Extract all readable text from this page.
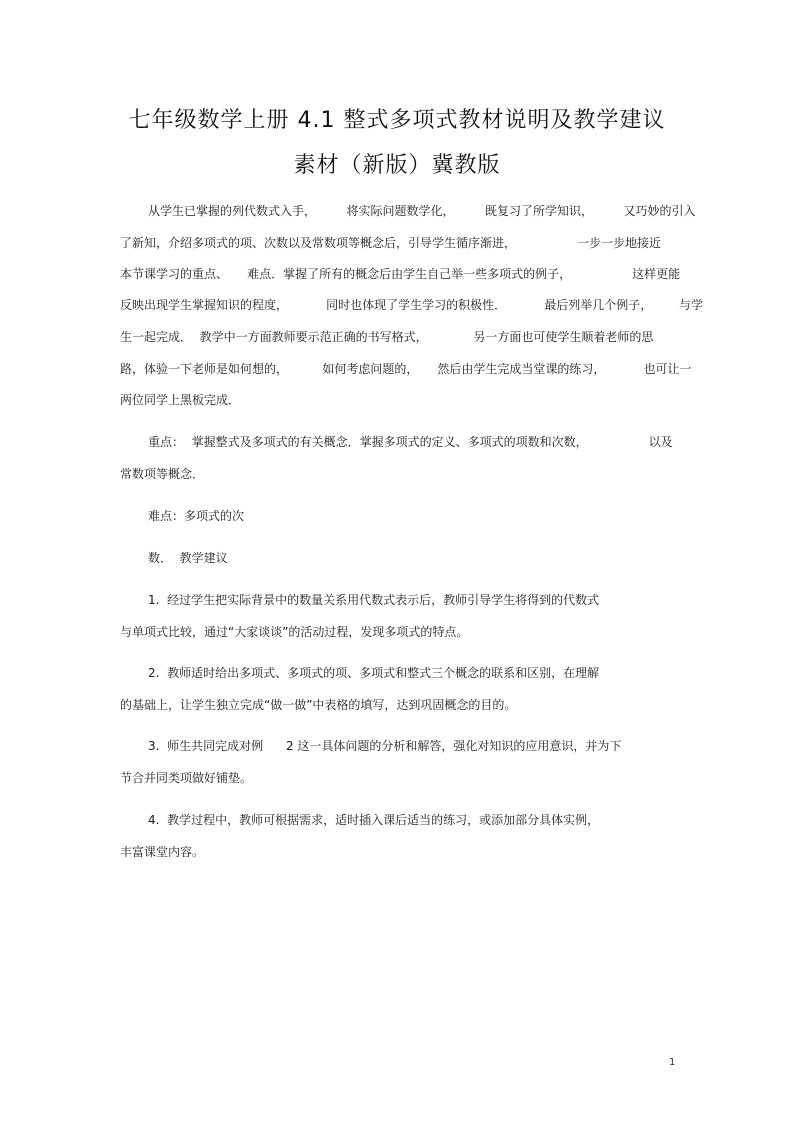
七年级数学上册 4.1 整式多项式教材说明及教学建议
素材（新版）冀教版
从学生已掌握的列代数式入手，        将实际问题数学化，        既复习了所学知识，        又巧妙的引入
了新知，介绍多项式的项、次数以及常数项等概念后，引导学生循序渐进，                一步一步地接近
本节课学习的重点、     难点．掌握了所有的概念后由学生自己举一些多项式的例子，                这样更能
反映出现学生掌握知识的程度，          同时也体现了学生学习的积极性．          最后列举几个例子，       与学
生一起完成．  教学中一方面教师要示范正确的书写格式，            另一方面也可使学生顺着老师的思
路，体验一下老师是如何想的，         如何考虑问题的，     然后由学生完成当堂课的练习，          也可让一
两位同学上黑板完成．
重点：  掌握整式及多项式的有关概念．掌握多项式的定义、多项式的项数和次数，                以及
常数项等概念．
难点：多项式的次
数．  教学建议
1.  经过学生把实际背景中的数量关系用代数式表示后，教师引导学生将得到的代数式
与单项式比较，通过“大家谈谈”的活动过程，发现多项式的特点。
2.  教师适时给出多项式、多项式的项、多项式和整式三个概念的联系和区别，在理解
的基础上，让学生独立完成“做一做”中表格的填写，达到巩固概念的目的。
3.  师生共同完成对例      2 这一具体问题的分析和解答，强化对知识的应用意识，并为下
节合并同类项做好铺垫。
4.  教学过程中，教师可根据需求，适时插入课后适当的练习，或添加部分具体实例，
丰富课堂内容。
1
